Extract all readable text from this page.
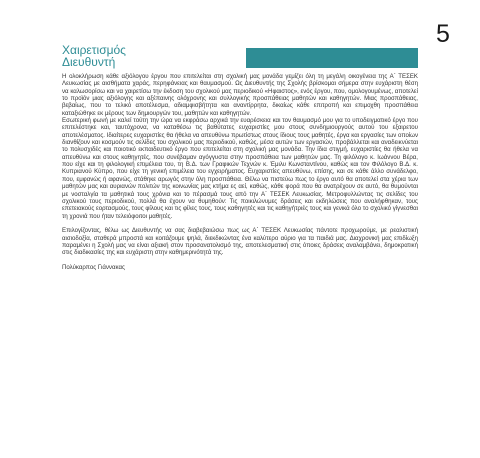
5
Χαιρετισμός
Διευθυντή

Η ολοκλήρωση κάθε αξιόλογου έργου που επιτελείται στη σχολική μας μονάδα γεμίζει όλη τη μεγάλη οικογένεια της Α΄ ΤΕΣΕΚ Λευκωσίας με αισθήματα χαράς, περηφάνειας και θαυμασμού. Ως Διευθυντής της Σχολής βρίσκομαι σήμερα στην ευχάριστη θέση να καλωσορίσω και να χαιρετίσω την έκδοση του σχολικού μας περιοδικού «Ηφαιστος», ενός έργου, που, ομολογουμένως, αποτελεί το προϊόν μιας αξιόλογης και αξέπαινης ολόχρονης και συλλογικής προσπάθειας μαθητών και καθηγητών. Μιας προσπάθειας, βεβαίως, που το τελικό αποτέλεσμα, αδιαμφισβήτητα και αναντίρρητα, δικαίως κάθε επιτροπή και επιμοχθη προσπάθεια καταξιώθηκε εκ μέρους των δημιουργών του, μαθητών και καθηγητών.

Εσωτερική φωνή με καλεί τούτη την ώρα να εκφράσω αρχικά την ευαρέσκεια και τον θαυμασμό μου για το υποδειγματικό έργο που επιτελέστηκε και, ταυτόχρονα, να καταθέσω τις βαθύτατες ευχαριστίες μου στους συνδημιουργούς αυτού του εξαιρετου αποτελέσματος. Ιδιαίτερες ευχαριστίες θα ήθελα να απευθύνω πρωτίστως στους ίδιους τους μαθητές, έργα και εργασίες των οποίων διανθίζουν και κοσμούν τις σελίδες του σχολικού μας περιοδικού, καθώς, μέσα αυτών των εργασιών, προβάλλεται και αναδεικνύεται το πολυσχιδές και ποιοτικό εκπαιδευτικό έργο που επιτελείται στη σχολική μας μονάδα. Την ίδια στιγμή, ευχαριστίες θα ήθελα να απευθύνω και στους καθηγητές, που συνέβαμαν αγόγγυστα στην προσπάθεια των μαθητών μας. Τη φιλόλογο κ. Ιωάννου Βέρα, που είχε και τη φιλολογική επιμέλεια του, τη Β.Δ. των Γραφικών Τεχνών κ. Έμιλυ Κωνσταντίνου, καθώς και τον Φιλόλογο Β.Δ. κ. Κυπριανού Κύπρο, που είχε τη γενική επιμέλεια του εγχειρήματος. Ευχαριστίες απευθύνω, επίσης, και σε κάθε άλλο συνάδελφο, που, εμφανώς ή αφανώς, στάθηκε αρωγός στην όλη προσπάθεια. Θέλω να πιστεύω πως το έργο αυτό θα αποτελεί στα χέρια των μαθητών μας και αυριανών πολιτών της κοινωνίας μας κτήμα ες αεί, καθώς, κάθε φορά που θα ανατρέχουν σε αυτό, θα θυμούνται με νοσταλγία τα μαθητικά τους χρόνια και το πέρασμά τους από την Α΄ ΤΕΣΕΚ Λευκωσίας. Μετροφυλλώντας τις σελίδες του σχολικού τους περιοδικού, πολλά θα έχουν να θυμηθούν: Τις ποικιλώνυμες δράσεις και εκδηλώσεις που αναλήφθηκαν, τους επετειακούς εορτασμούς, τους φίλους και τις φίλες τους, τους καθηγητές και τις καθηγήτριές τους και γενικά όλο το σχολικό γίγνεσθαι τη χρονιά που ήταν τελειόφοιτοι μαθητές.

Επιλογίζοντας, θέλω ως Διευθυντής να σας διαβεβαιώσω πως ως Α΄ ΤΕΣΕΚ Λευκωσίας πάντοτε προχωρούμε, με ρεαλιστική αισιοδοξία, σταθερά μπροστά και κοιτάζουμε ψηλά, διεκδικώντας ένα καλύτερο αύριο για τα παιδιά μας. Διαχρονική μας επιδίωξη παραμένει η Σχολή μας να είναι αξιακή στον προσανατολισμό της, αποτελεσματική στις όποιες δράσεις αναλαμβάνει, δημοκρατική στις διαδικασίες της και ευχάριστη στην καθημερινότητά της.

Πολύκαρπος Γιάννακας
